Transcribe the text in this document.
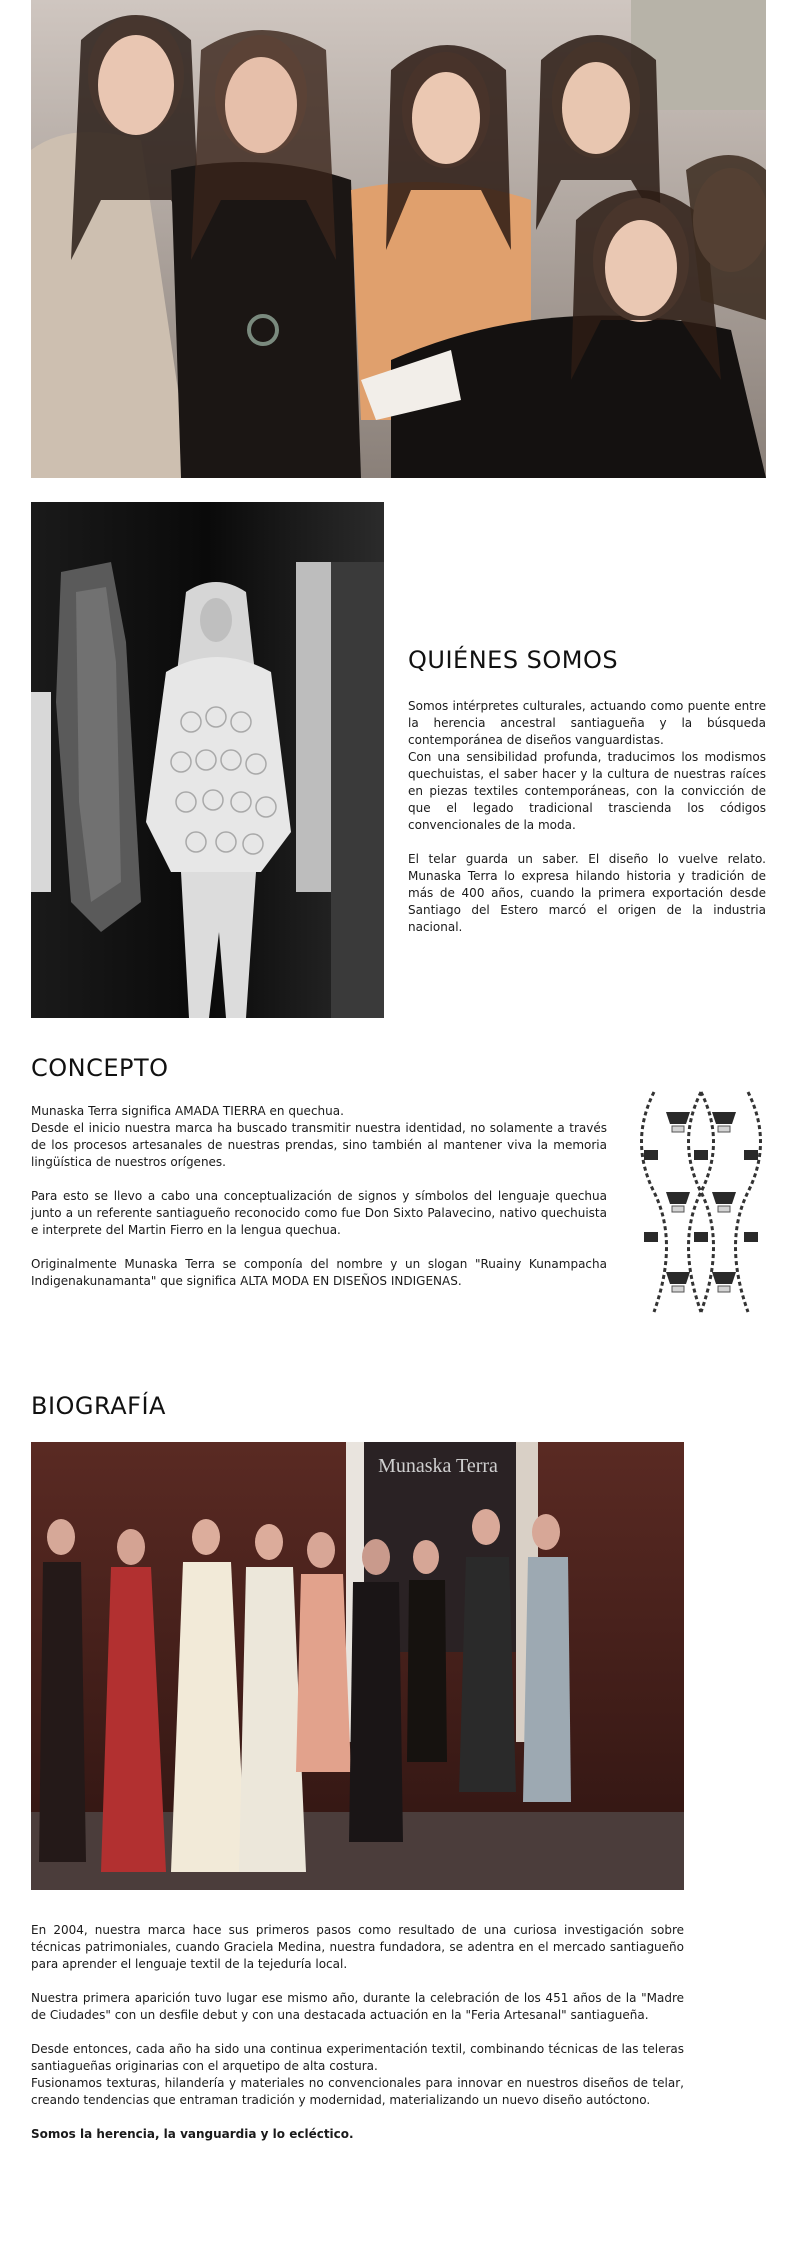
QUIÉNES SOMOS

Somos intérpretes culturales, actuando como puente entre la herencia ancestral santiagueña y la búsqueda contemporánea de diseños vanguardistas.

Con una sensibilidad profunda, traducimos los modismos quechuistas, el saber hacer y la cultura de nuestras raíces en piezas textiles contemporáneas, con la convicción de que el legado tradicional trascienda los códigos convencionales de la moda.

El telar guarda un saber. El diseño lo vuelve relato. Munaska Terra lo expresa hilando historia y tradición de más de 400 años, cuando la primera exportación desde Santiago del Estero marcó el origen de la industria nacional.

CONCEPTO

Munaska Terra significa AMADA TIERRA en quechua.

Desde el inicio nuestra marca ha buscado transmitir nuestra identidad, no solamente a través de los procesos artesanales de nuestras prendas, sino también al mantener viva la memoria lingüística de nuestros orígenes.

Para esto se llevo a cabo una conceptualización de signos y símbolos del lenguaje quechua junto a un referente santiagueño reconocido como fue Don Sixto Palavecino, nativo quechuista e interprete del Martin Fierro en la lengua quechua.

Originalmente Munaska Terra se componía del nombre y un slogan "Ruainy Kunampacha Indigenakunamanta" que significa ALTA MODA EN DISEÑOS INDIGENAS.

BIOGRAFÍA
Munaska Terra

En 2004, nuestra marca hace sus primeros pasos como resultado de una curiosa investigación sobre técnicas patrimoniales, cuando Graciela Medina, nuestra fundadora, se adentra en el mercado santiagueño para aprender el lenguaje textil de la tejeduría local.

Nuestra primera aparición tuvo lugar ese mismo año, durante la celebración de los 451 años de la "Madre de Ciudades" con un desfile debut y con una destacada actuación en la "Feria Artesanal" santiagueña.

Desde entonces, cada año ha sido una continua experimentación textil, combinando técnicas de las teleras santiagueñas originarias con el arquetipo de alta costura.

Fusionamos texturas, hilandería y materiales no convencionales para innovar en nuestros diseños de telar, creando tendencias que entraman tradición y modernidad, materializando un nuevo diseño autóctono.

Somos la herencia, la vanguardia y lo ecléctico.
